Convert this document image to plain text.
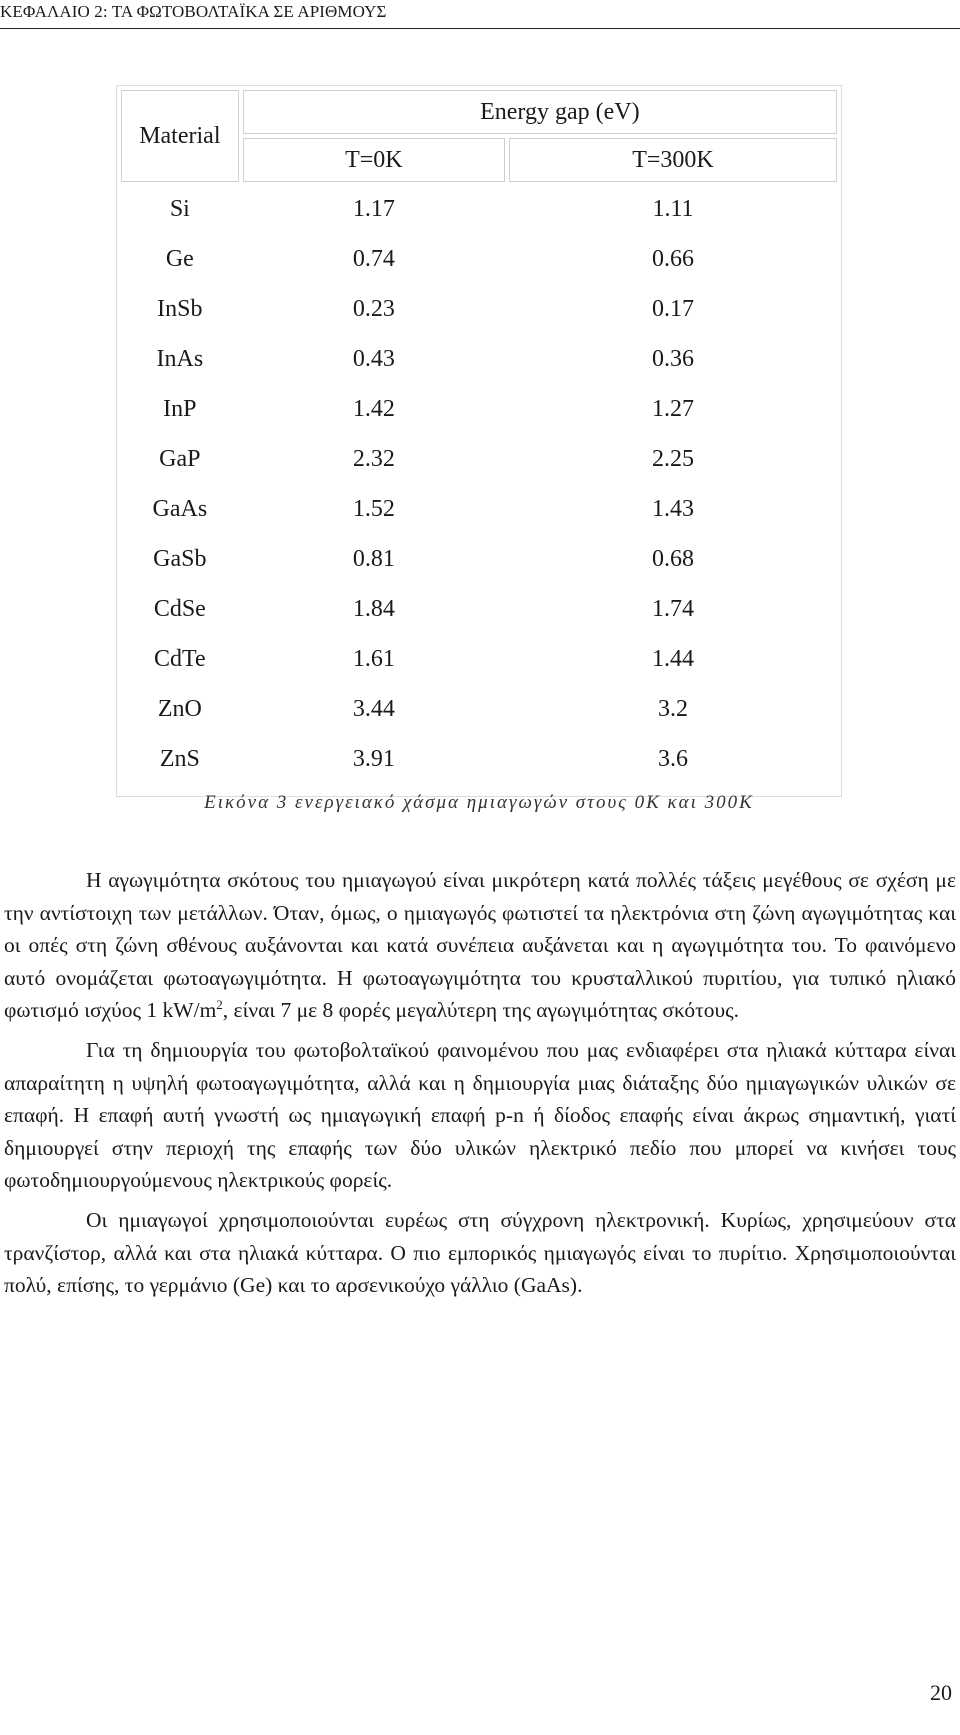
ΚΕΦΑΛΑΙΟ 2: ΤΑ ΦΩΤΟΒΟΛΤΑΪΚΑ ΣΕ ΑΡΙΘΜΟΥΣ
Material	Energy gap (eV)	
	T=0K	T=300K
Si	1.17	1.11
Ge	0.74	0.66
InSb	0.23	0.17
InAs	0.43	0.36
InP	1.42	1.27
GaP	2.32	2.25
GaAs	1.52	1.43
GaSb	0.81	0.68
CdSe	1.84	1.74
CdTe	1.61	1.44
ZnO	3.44	3.2
ZnS	3.91	3.6
Εικόνα 3 ενεργειακό χάσμα ημιαγωγών στους 0K και 300K

Η αγωγιμότητα σκότους του ημιαγωγού είναι μικρότερη κατά πολλές τάξεις μεγέθους σε σχέση με την αντίστοιχη των μετάλλων. Όταν, όμως, ο ημιαγωγός φωτιστεί τα ηλεκτρόνια στη ζώνη αγωγιμότητας και οι οπές στη ζώνη σθένους αυξάνονται και κατά συνέπεια αυξάνεται και η αγωγιμότητα του. Το φαινόμενο αυτό ονομάζεται φωτοαγωγιμότητα. Η φωτοαγωγιμότητα του κρυσταλλικού πυριτίου, για τυπικό ηλιακό φωτισμό ισχύος 1 $kW/m^2$, είναι 7 με 8 φορές μεγαλύτερη της αγωγιμότητας σκότους.

Για τη δημιουργία του φωτοβολταϊκού φαινομένου που μας ενδιαφέρει στα ηλιακά κύτταρα είναι απαραίτητη η υψηλή φωτοαγωγιμότητα, αλλά και η δημιουργία μιας διάταξης δύο ημιαγωγικών υλικών σε επαφή. Η επαφή αυτή γνωστή ως ημιαγωγική επαφή p-n ή δίοδος επαφής είναι άκρως σημαντική, γιατί δημιουργεί στην περιοχή της επαφής των δύο υλικών ηλεκτρικό πεδίο που μπορεί να κινήσει τους φωτοδημιουργούμενους ηλεκτρικούς φορείς.

Οι ημιαγωγοί χρησιμοποιούνται ευρέως στη σύγχρονη ηλεκτρονική. Κυρίως, χρησιμεύουν στα τρανζίστορ, αλλά και στα ηλιακά κύτταρα. Ο πιο εμπορικός ημιαγωγός είναι το πυρίτιο. Χρησιμοποιούνται πολύ, επίσης, το γερμάνιο (Ge) και το αρσενικούχο γάλλιο (GaAs).

20
